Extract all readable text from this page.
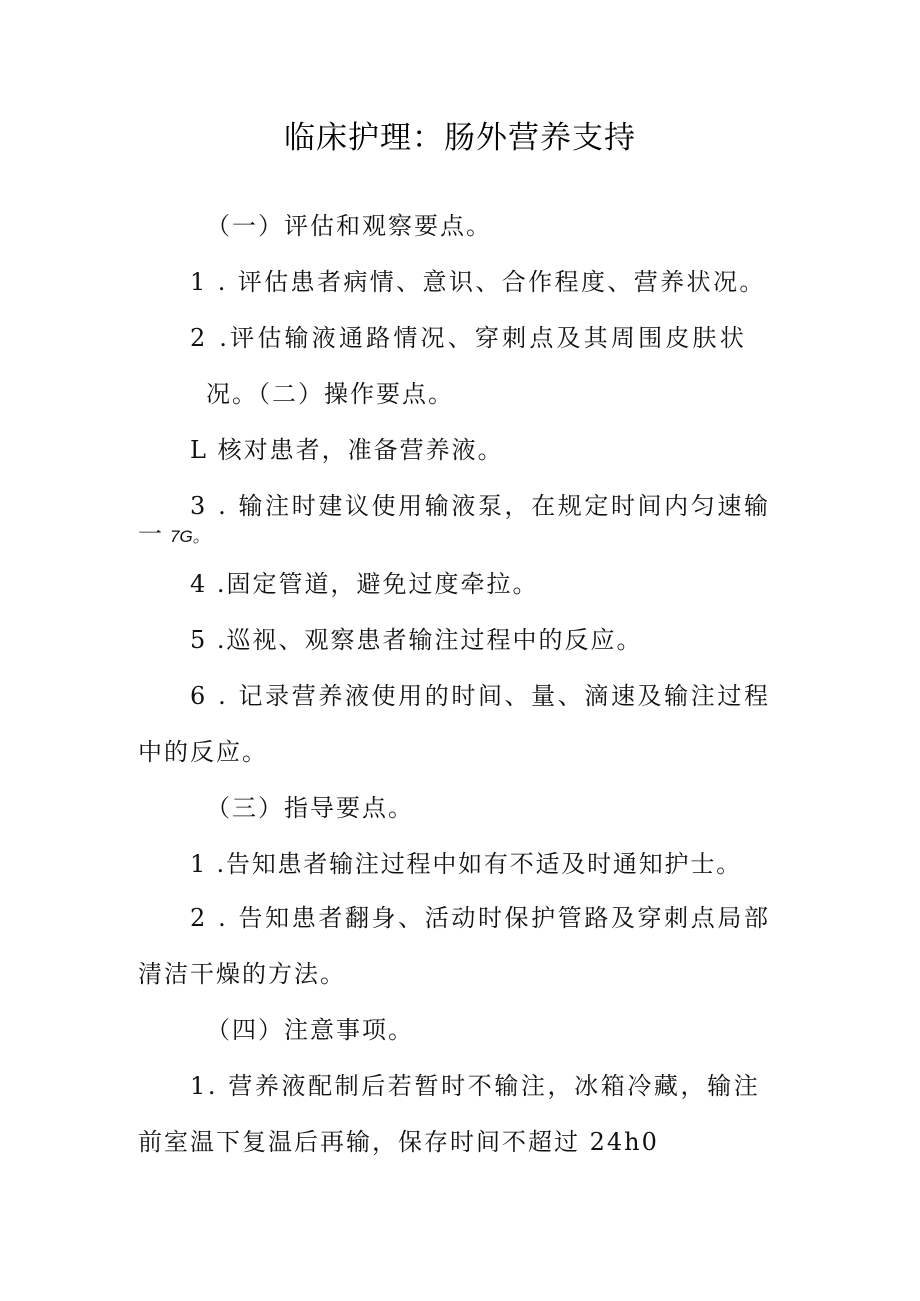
临床护理：肠外营养支持
（一）评估和观察要点。
1 . 评估患者病情、意识、合作程度、营养状况。
2 .评估输液通路情况、穿刺点及其周围皮肤状
况。（二）操作要点。
L 核对患者，准备营养液。
3 . 输注时建议使用输液泵，在规定时间内匀速输
一 7G。
4 .固定管道，避免过度牵拉。
5 .巡视、观察患者输注过程中的反应。
6 . 记录营养液使用的时间、量、滴速及输注过程
中的反应。
（三）指导要点。
1 .告知患者输注过程中如有不适及时通知护士。
2 . 告知患者翻身、活动时保护管路及穿刺点局部
清洁干燥的方法。
（四）注意事项。
1. 营养液配制后若暂时不输注，冰箱冷藏，输注
前室温下复温后再输，保存时间不超过 24h0
